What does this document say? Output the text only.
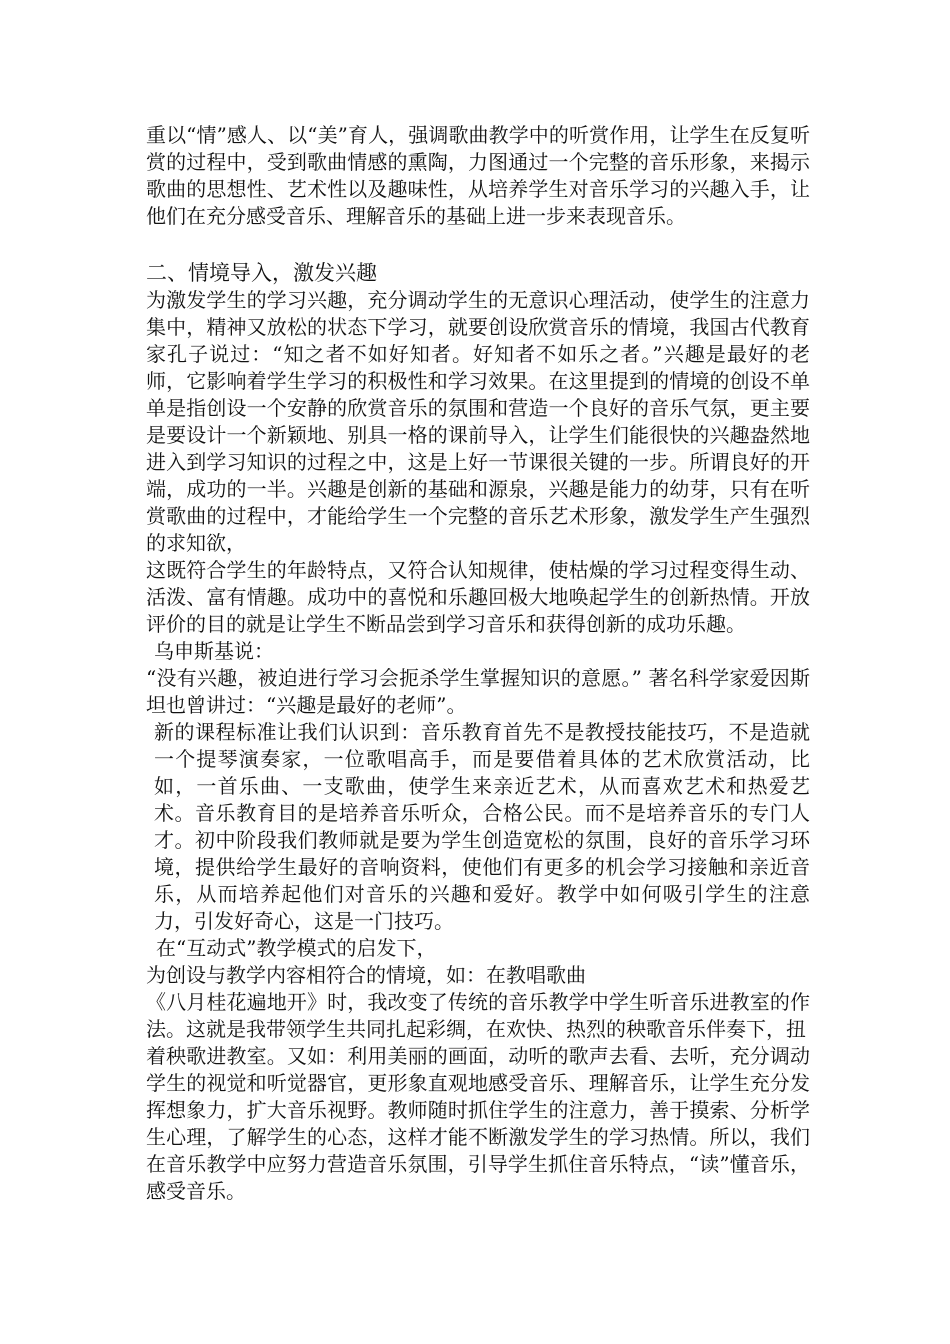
重以“情”感人、以“美”育人，强调歌曲教学中的听赏作用，让学生在反复听赏的过程中，受到歌曲情感的熏陶，力图通过一个完整的音乐形象，来揭示歌曲的思想性、艺术性以及趣味性，从培养学生对音乐学习的兴趣入手，让他们在充分感受音乐、理解音乐的基础上进一步来表现音乐。

二、情境导入，激发兴趣

为激发学生的学习兴趣，充分调动学生的无意识心理活动，使学生的注意力集中，精神又放松的状态下学习，就要创设欣赏音乐的情境，我国古代教育家孔子说过：“知之者不如好知者。好知者不如乐之者。”兴趣是最好的老师，它影响着学生学习的积极性和学习效果。在这里提到的情境的创设不单单是指创设一个安静的欣赏音乐的氛围和营造一个良好的音乐气氛，更主要是要设计一个新颖地、别具一格的课前导入，让学生们能很快的兴趣盎然地进入到学习知识的过程之中，这是上好一节课很关键的一步。所谓良好的开端，成功的一半。兴趣是创新的基础和源泉，兴趣是能力的幼芽，只有在听赏歌曲的过程中，才能给学生一个完整的音乐艺术形象，激发学生产生强烈的求知欲，

这既符合学生的年龄特点，又符合认知规律，使枯燥的学习过程变得生动、活泼、富有情趣。成功中的喜悦和乐趣回极大地唤起学生的创新热情。开放评价的目的就是让学生不断品尝到学习音乐和获得创新的成功乐趣。

乌申斯基说：

“没有兴趣，被迫进行学习会扼杀学生掌握知识的意愿。” 著名科学家爱因斯坦也曾讲过：“兴趣是最好的老师”。

新的课程标准让我们认识到：音乐教育首先不是教授技能技巧，不是造就一个提琴演奏家，一位歌唱高手，而是要借着具体的艺术欣赏活动，比如，一首乐曲、一支歌曲，使学生来亲近艺术，从而喜欢艺术和热爱艺术。音乐教育目的是培养音乐听众，合格公民。而不是培养音乐的专门人才。初中阶段我们教师就是要为学生创造宽松的氛围，良好的音乐学习环境，提供给学生最好的音响资料，使他们有更多的机会学习接触和亲近音乐，从而培养起他们对音乐的兴趣和爱好。教学中如何吸引学生的注意力，引发好奇心，这是一门技巧。

在“互动式”教学模式的启发下，

为创设与教学内容相符合的情境，如：在教唱歌曲

《八月桂花遍地开》时，我改变了传统的音乐教学中学生听音乐进教室的作法。这就是我带领学生共同扎起彩绸，在欢快、热烈的秧歌音乐伴奏下，扭

着秧歌进教室。又如：利用美丽的画面，动听的歌声去看、去听，充分调动学生的视觉和听觉器官，更形象直观地感受音乐、理解音乐，让学生充分发挥想象力，扩大音乐视野。教师随时抓住学生的注意力，善于摸索、分析学生心理，了解学生的心态，这样才能不断激发学生的学习热情。所以，我们在音乐教学中应努力营造音乐氛围，引导学生抓住音乐特点，“读”懂音乐，感受音乐。
